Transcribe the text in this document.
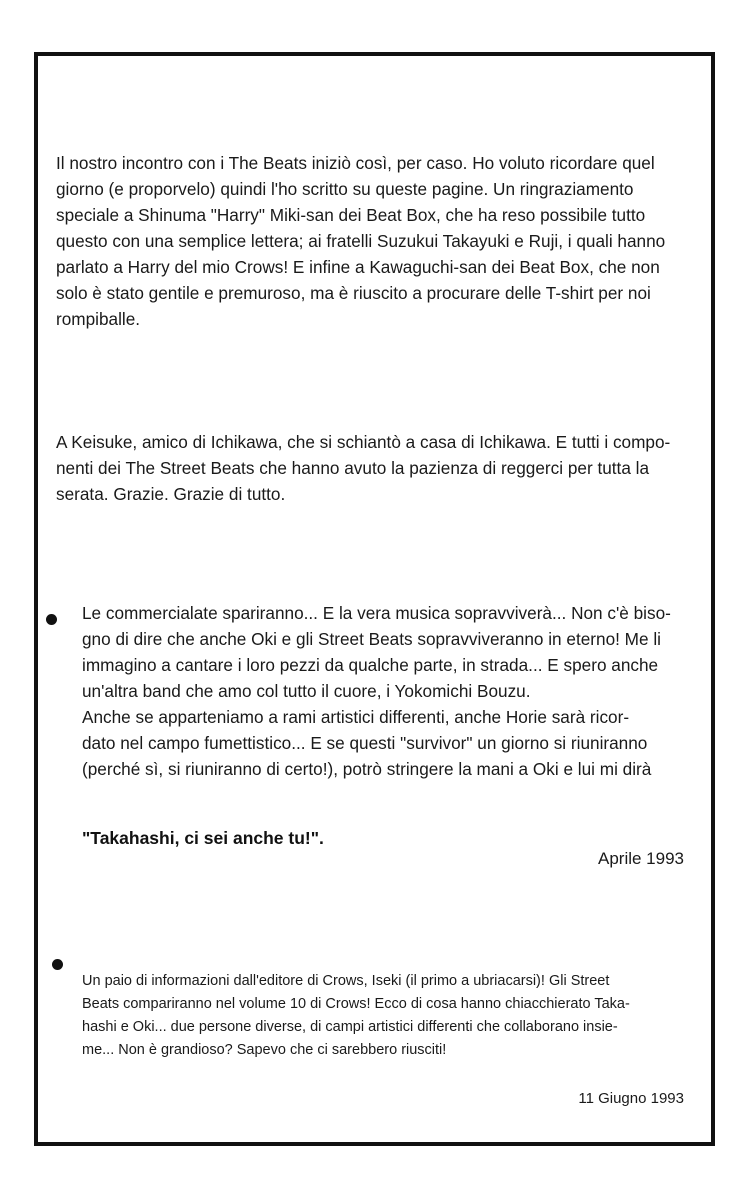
Il nostro incontro con i The Beats iniziò così, per caso. Ho voluto ricordare quel
giorno (e proporvelo) quindi l'ho scritto su queste pagine. Un ringraziamento
speciale a Shinuma "Harry" Miki-san dei Beat Box, che ha reso possibile tutto
questo con una semplice lettera; ai fratelli Suzukui Takayuki e Ruji, i quali hanno
parlato a Harry del mio Crows! E infine a Kawaguchi-san dei Beat Box, che non
solo è stato gentile e premuroso, ma è riuscito a procurare delle T-shirt per noi
rompiballe.

A Keisuke, amico di Ichikawa, che si schiantò a casa di Ichikawa. E tutti i compo-
nenti dei The Street Beats che hanno avuto la pazienza di reggerci per tutta la
serata. Grazie. Grazie di tutto.

Le commercialate spariranno... E la vera musica sopravviverà... Non c'è biso-
gno di dire che anche Oki e gli Street Beats sopravviveranno in eterno! Me li
immagino a cantare i loro pezzi da qualche parte, in strada... E spero anche
un'altra band che amo col tutto il cuore, i Yokomichi Bouzu.
Anche se apparteniamo a rami artistici differenti, anche Horie sarà ricor-
dato nel campo fumettistico... E se questi "survivor" un giorno si riuniranno
(perché sì, si riuniranno di certo!), potrò stringere la mani a Oki e lui mi dirà

"Takahashi, ci sei anche tu!".
Aprile 1993

Un paio di informazioni dall'editore di Crows, Iseki (il primo a ubriacarsi)! Gli Street
Beats compariranno nel volume 10 di Crows! Ecco di cosa hanno chiacchierato Taka-
hashi e Oki... due persone diverse, di campi artistici differenti che collaborano insie-
me... Non è grandioso? Sapevo che ci sarebbero riusciti!

11 Giugno 1993
